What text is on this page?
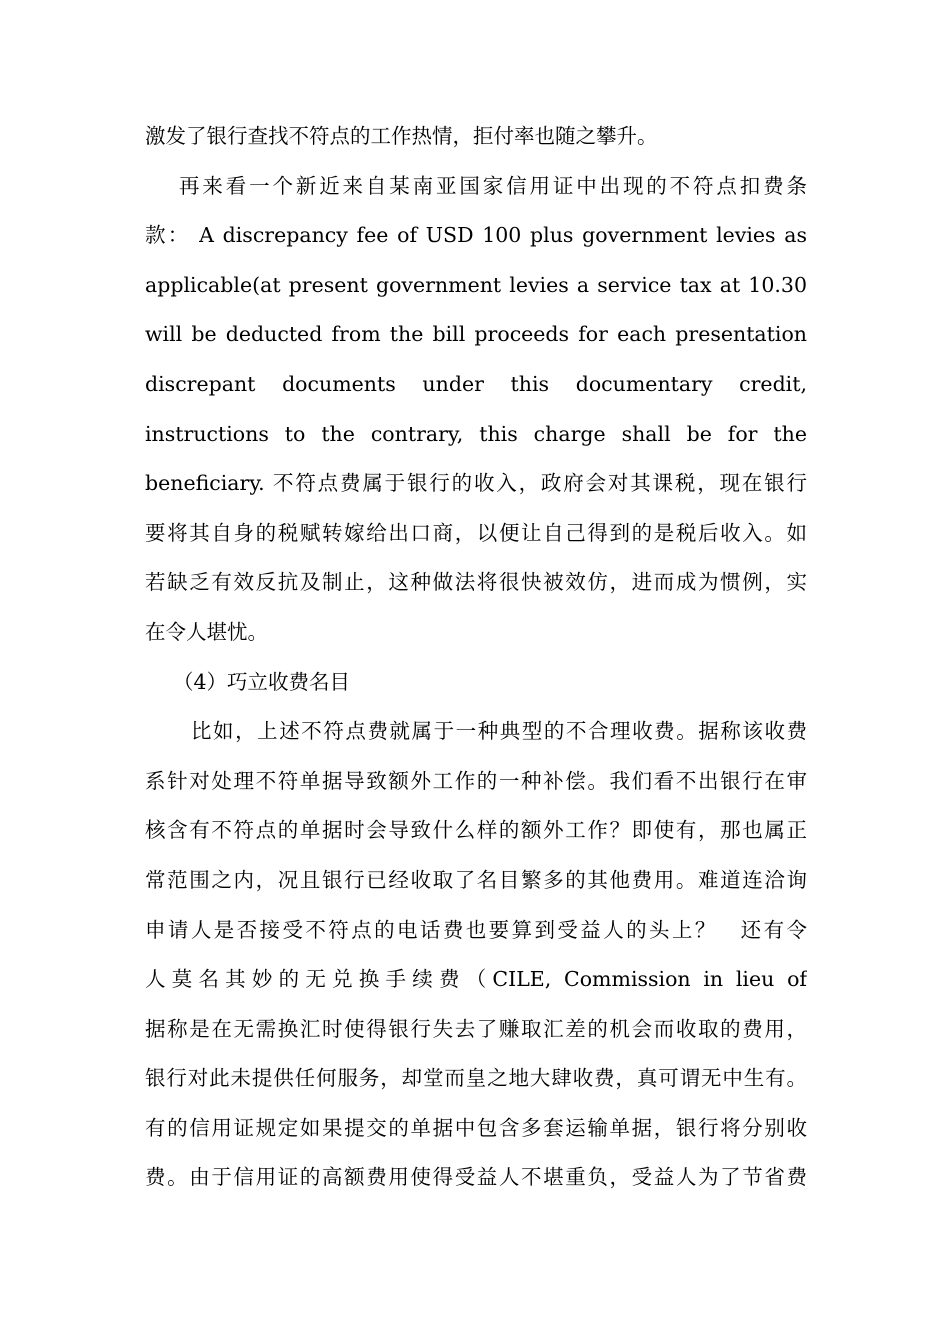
激发了银行查找不符点的工作热情，拒付率也随之攀升。
再来看一个新近来自某南亚国家信用证中出现的不符点扣费条
款： A discrepancy fee of USD 100 plus government levies as
applicable(at present government levies a service tax at 10.30
will be deducted from the bill proceeds for each presentation
discrepant documents under this documentary credit,
instructions to the contrary, this charge shall be for the
beneficiary. 不符点费属于银行的收入，政府会对其课税，现在银行
要将其自身的税赋转嫁给出口商，以便让自己得到的是税后收入。如
若缺乏有效反抗及制止，这种做法将很快被效仿，进而成为惯例，实
在令人堪忧。
（4）巧立收费名目
比如，上述不符点费就属于一种典型的不合理收费。据称该收费
系针对处理不符单据导致额外工作的一种补偿。我们看不出银行在审
核含有不符点的单据时会导致什么样的额外工作？即使有，那也属正
常范围之内，况且银行已经收取了名目繁多的其他费用。难道连洽询
申请人是否接受不符点的电话费也要算到受益人的头上？　还有令
人莫名其妙的无兑换手续费（CILE, Commission in lieu of
据称是在无需换汇时使得银行失去了赚取汇差的机会而收取的费用，
银行对此未提供任何服务，却堂而皇之地大肆收费，真可谓无中生有。
有的信用证规定如果提交的单据中包含多套运输单据，银行将分别收
费。由于信用证的高额费用使得受益人不堪重负，受益人为了节省费
